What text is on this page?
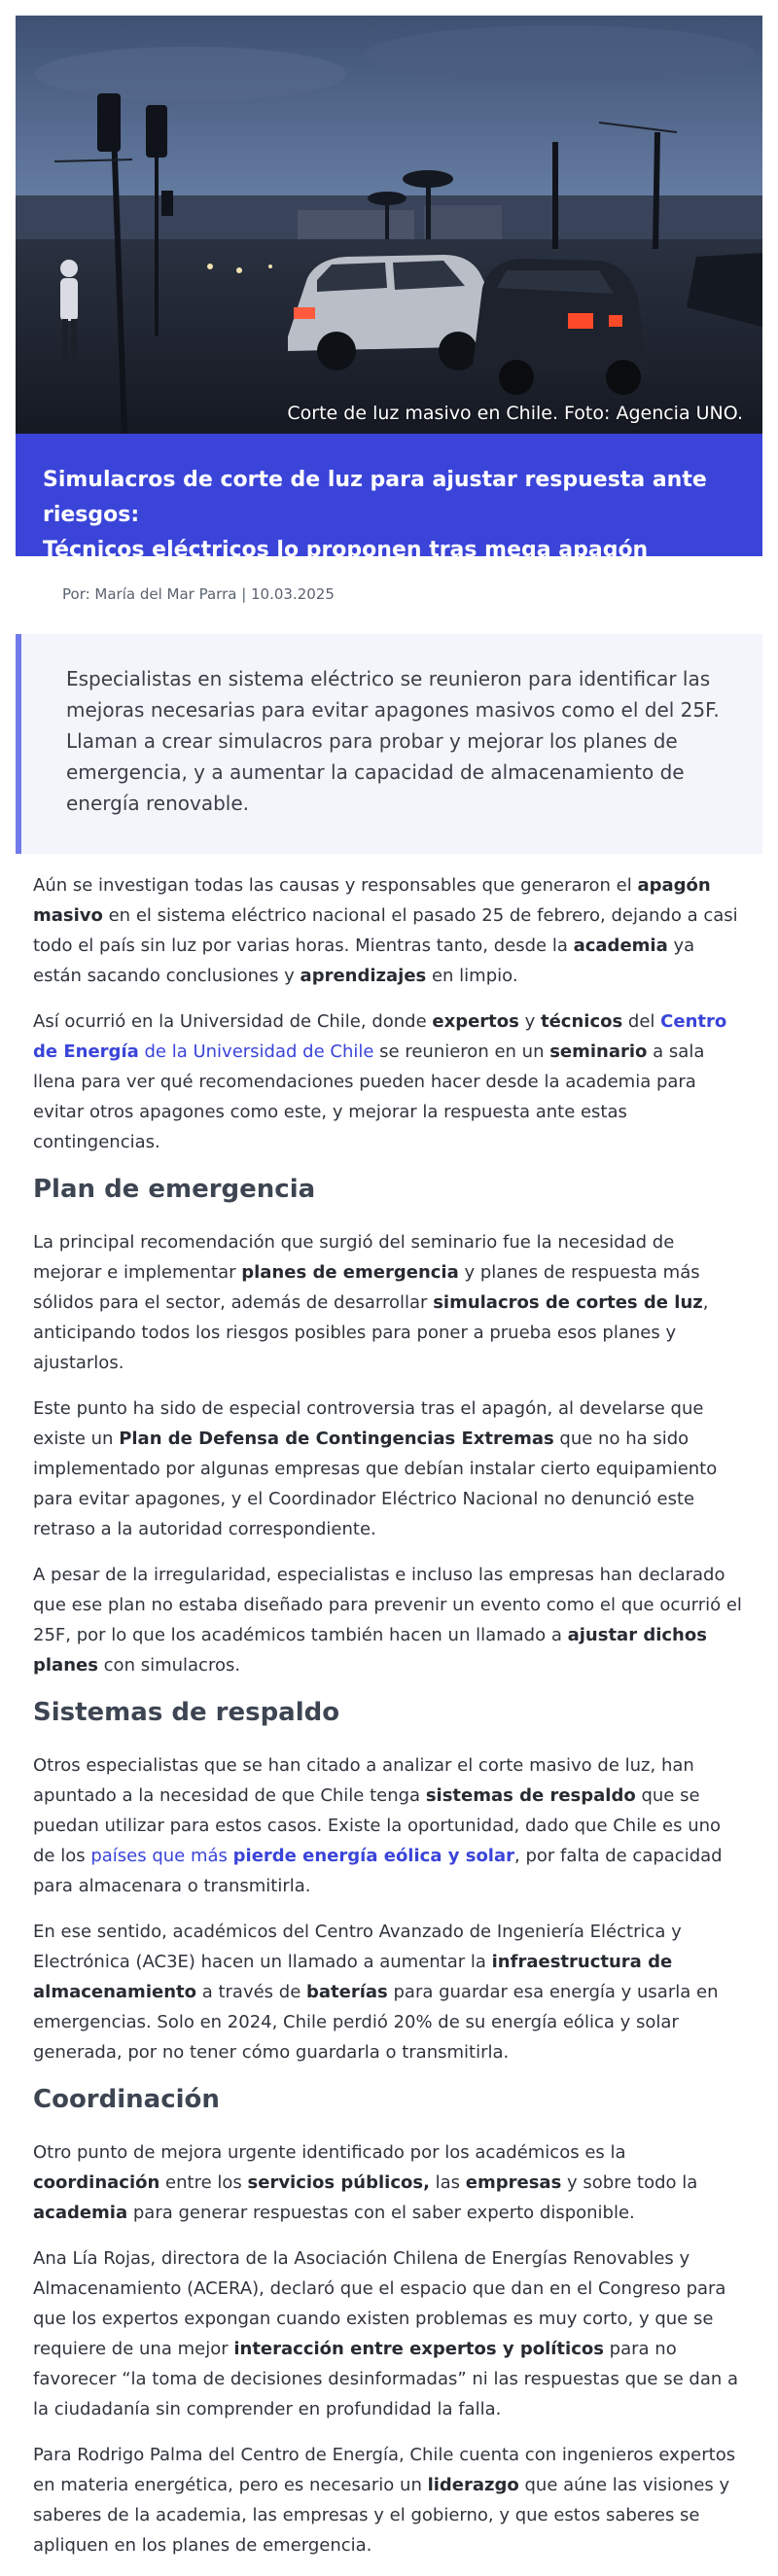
Corte de luz masivo en Chile. Foto: Agencia UNO.
Simulacros de corte de luz para ajustar respuesta ante riesgos:
Técnicos eléctricos lo proponen tras mega apagón
Por: María del Mar Parra | 10.03.2025

Especialistas en sistema eléctrico se reunieron para identificar las mejoras necesarias para evitar apagones masivos como el del 25F. Llaman a crear simulacros para probar y mejorar los planes de emergencia, y a aumentar la capacidad de almacenamiento de energía renovable.

Aún se investigan todas las causas y responsables que generaron el apagón masivo en el sistema eléctrico nacional el pasado 25 de febrero, dejando a casi todo el país sin luz por varias horas. Mientras tanto, desde la academia ya están sacando conclusiones y aprendizajes en limpio.

Así ocurrió en la Universidad de Chile, donde expertos y técnicos del Centro de Energía de la Universidad de Chile se reunieron en un seminario a sala llena para ver qué recomendaciones pueden hacer desde la academia para evitar otros apagones como este, y mejorar la respuesta ante estas contingencias.

Plan de emergencia

La principal recomendación que surgió del seminario fue la necesidad de mejorar e implementar planes de emergencia y planes de respuesta más sólidos para el sector, además de desarrollar simulacros de cortes de luz, anticipando todos los riesgos posibles para poner a prueba esos planes y ajustarlos.

Este punto ha sido de especial controversia tras el apagón, al develarse que existe un Plan de Defensa de Contingencias Extremas que no ha sido implementado por algunas empresas que debían instalar cierto equipamiento para evitar apagones, y el Coordinador Eléctrico Nacional no denunció este retraso a la autoridad correspondiente.

A pesar de la irregularidad, especialistas e incluso las empresas han declarado que ese plan no estaba diseñado para prevenir un evento como el que ocurrió el 25F, por lo que los académicos también hacen un llamado a ajustar dichos planes con simulacros.

Sistemas de respaldo

Otros especialistas que se han citado a analizar el corte masivo de luz, han apuntado a la necesidad de que Chile tenga sistemas de respaldo que se puedan utilizar para estos casos. Existe la oportunidad, dado que Chile es uno de los países que más pierde energía eólica y solar, por falta de capacidad para almacenara o transmitirla.

En ese sentido, académicos del Centro Avanzado de Ingeniería Eléctrica y Electrónica (AC3E) hacen un llamado a aumentar la infraestructura de almacenamiento a través de baterías para guardar esa energía y usarla en emergencias. Solo en 2024, Chile perdió 20% de su energía eólica y solar generada, por no tener cómo guardarla o transmitirla.

Coordinación

Otro punto de mejora urgente identificado por los académicos es la coordinación entre los servicios públicos, las empresas y sobre todo la academia para generar respuestas con el saber experto disponible.

Ana Lía Rojas, directora de la Asociación Chilena de Energías Renovables y Almacenamiento (ACERA), declaró que el espacio que dan en el Congreso para que los expertos expongan cuando existen problemas es muy corto, y que se requiere de una mejor interacción entre expertos y políticos para no favorecer “la toma de decisiones desinformadas” ni las respuestas que se dan a la ciudadanía sin comprender en profundidad la falla.

Para Rodrigo Palma del Centro de Energía, Chile cuenta con ingenieros expertos en materia energética, pero es necesario un liderazgo que aúne las visiones y saberes de la academia, las empresas y el gobierno, y que estos saberes se apliquen en los planes de emergencia.
